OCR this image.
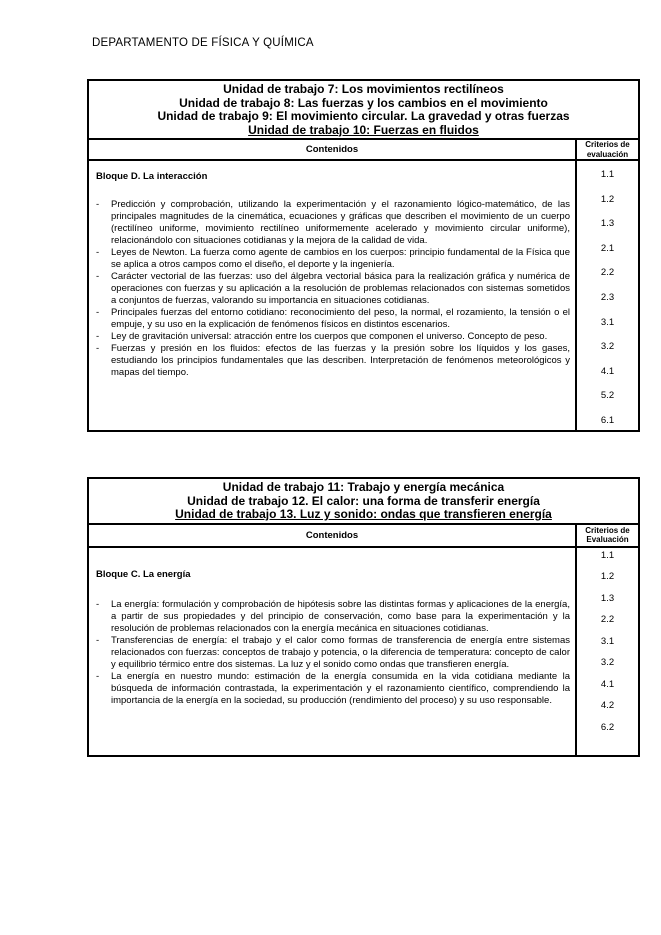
DEPARTAMENTO DE FÍSICA Y QUÍMICA
Unidad de trabajo 7: Los movimientos rectilíneos
Unidad de trabajo 8: Las fuerzas y los cambios en el movimiento
Unidad de trabajo 9: El movimiento circular. La gravedad y otras fuerzas
Unidad de trabajo 10: Fuerzas en fluidos
Contenidos	Criterios de evaluación
Bloque D. La interacción
-	Predicción y comprobación, utilizando la experimentación y el razonamiento lógico-matemático, de las principales magnitudes de la cinemática, ecuaciones y gráficas que describen el movimiento de un cuerpo (rectilíneo uniforme, movimiento rectilíneo uniformemente acelerado y movimiento circular uniforme), relacionándolo con situaciones cotidianas y la mejora de la calidad de vida.
-	Leyes de Newton. La fuerza como agente de cambios en los cuerpos: principio fundamental de la Física que se aplica a otros campos como el diseño, el deporte y la ingeniería.
-	Carácter vectorial de las fuerzas: uso del álgebra vectorial básica para la realización gráfica y numérica de operaciones con fuerzas y su aplicación a la resolución de problemas relacionados con sistemas sometidos a conjuntos de fuerzas, valorando su importancia en situaciones cotidianas.
-	Principales fuerzas del entorno cotidiano: reconocimiento del peso, la normal, el rozamiento, la tensión o el empuje, y su uso en la explicación de fenómenos físicos en distintos escenarios.
-	Ley de gravitación universal: atracción entre los cuerpos que componen el universo. Concepto de peso.
-	Fuerzas y presión en los fluidos: efectos de las fuerzas y la presión sobre los líquidos y los gases, estudiando los principios fundamentales que las describen. Interpretación de fenómenos meteorológicos y mapas del tiempo.
1.1
1.2
1.3
2.1
2.2
2.3
3.1
3.2
4.1
5.2
6.1
Unidad de trabajo 11: Trabajo y energía mecánica
Unidad de trabajo 12. El calor: una forma de transferir energía
Unidad de trabajo 13. Luz y sonido: ondas que transfieren energía
Contenidos	Criterios de Evaluación
Bloque C. La energía
-	La energía: formulación y comprobación de hipótesis sobre las distintas formas y aplicaciones de la energía, a partir de sus propiedades y del principio de conservación, como base para la experimentación y la resolución de problemas relacionados con la energía mecánica en situaciones cotidianas.
-	Transferencias de energía: el trabajo y el calor como formas de transferencia de energía entre sistemas relacionados con fuerzas: conceptos de trabajo y potencia, o la diferencia de temperatura: concepto de calor y equilibrio térmico entre dos sistemas. La luz y el sonido como ondas que transfieren energía.
-	La energía en nuestro mundo: estimación de la energía consumida en la vida cotidiana mediante la búsqueda de información contrastada, la experimentación y el razonamiento científico, comprendiendo la importancia de la energía en la sociedad, su producción (rendimiento del proceso) y su uso responsable.
1.1
1.2
1.3
2.2
3.1
3.2
4.1
4.2
6.2
